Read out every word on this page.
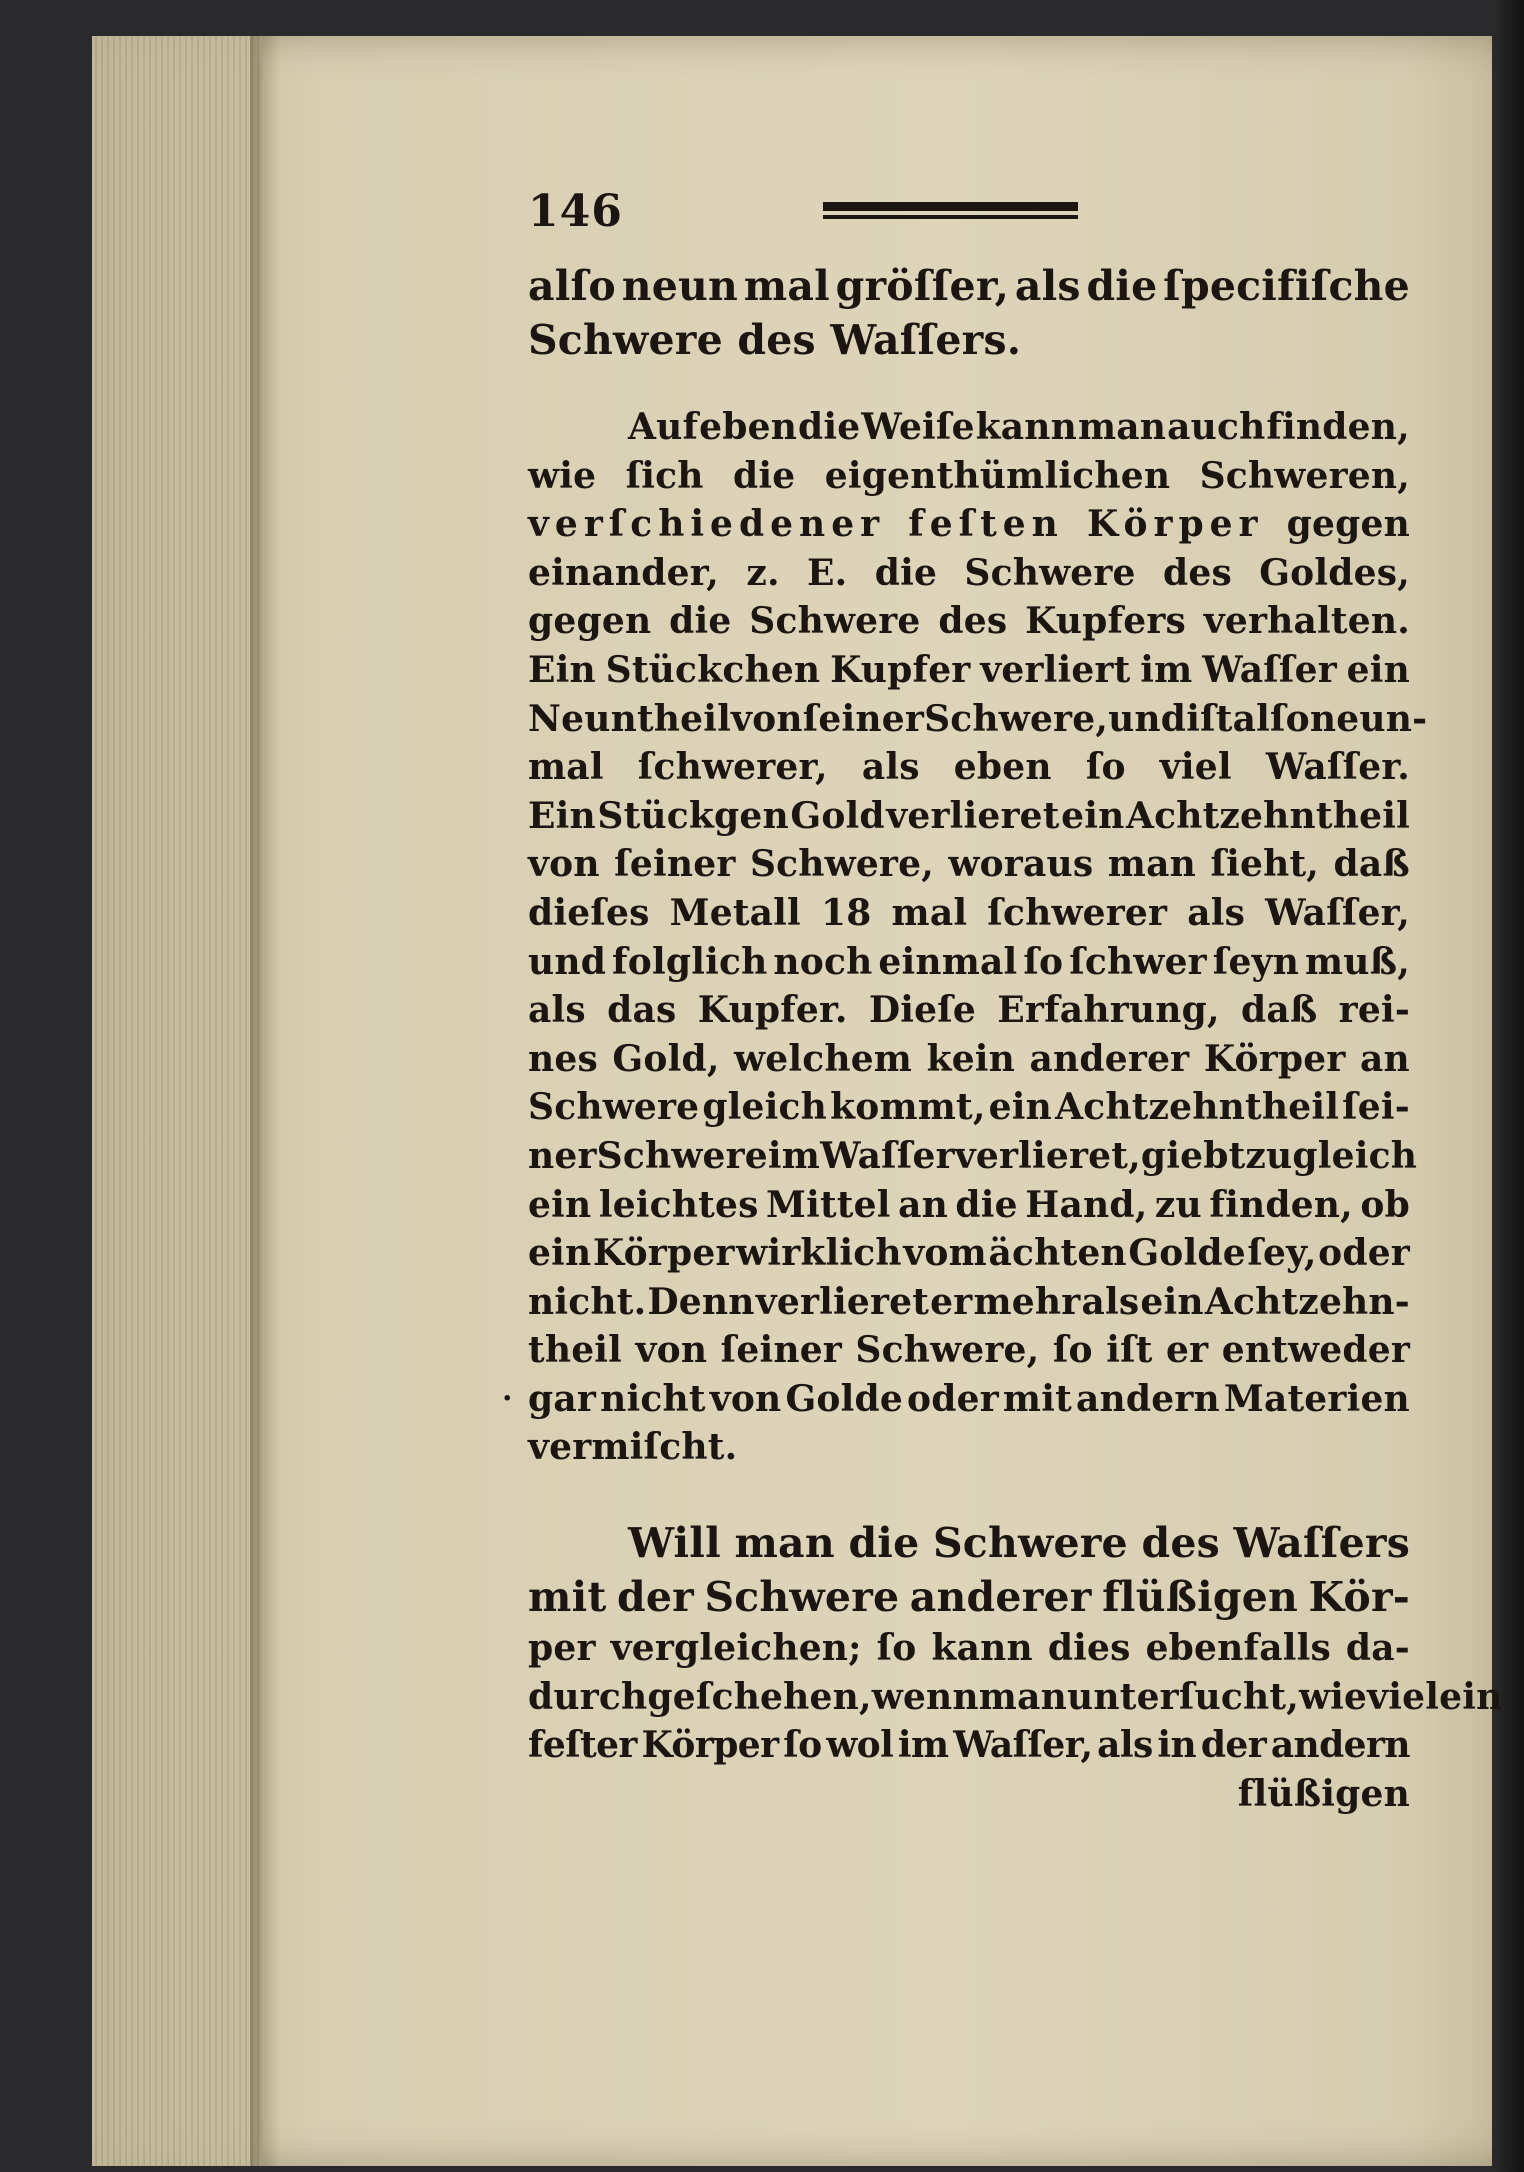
146
alſo neun mal gröſſer, als die ſpecifiſche
Schwere
des
Waſſers.
Auf eben die Weiſe kann man auch finden,
wie ſich die eigenthümlichen Schweren,
verſchiedener feſten Körper gegen
einander, z. E. die Schwere des Goldes,
gegen die Schwere des Kupfers verhalten.
Ein Stückchen Kupfer verliert im Waſſer ein
Neuntheil von ſeiner Schwere, und iſt alſo neun-
mal ſchwerer, als eben ſo viel Waſſer.
Ein Stückgen Gold verlieret ein Achtzehntheil
von ſeiner Schwere, woraus man ſieht, daß
dieſes Metall 18 mal ſchwerer als Waſſer,
und folglich noch einmal ſo ſchwer ſeyn muß,
als das Kupfer. Dieſe Erfahrung, daß rei-
nes Gold, welchem kein anderer Körper an
Schwere gleich kommt, ein Achtzehntheil ſei-
ner Schwere im Waſſer verlieret, giebt zugleich
ein leichtes Mittel an die Hand, zu finden, ob
ein Körper wirklich vom ächten Golde ſey, oder
nicht. Denn verlieret er mehr als ein Achtzehn-
theil von ſeiner Schwere, ſo iſt er entweder
gar nicht von Golde oder mit andern Materien
vermiſcht.
Will man die Schwere des Waſſers
mit der Schwere anderer flüßigen Kör-
per vergleichen; ſo kann dies ebenfalls da-
durch geſchehen,wenn man unterſucht, wie viel ein
feſter Körper ſo wol im Waſſer, als in der andern
flüßigen
·
